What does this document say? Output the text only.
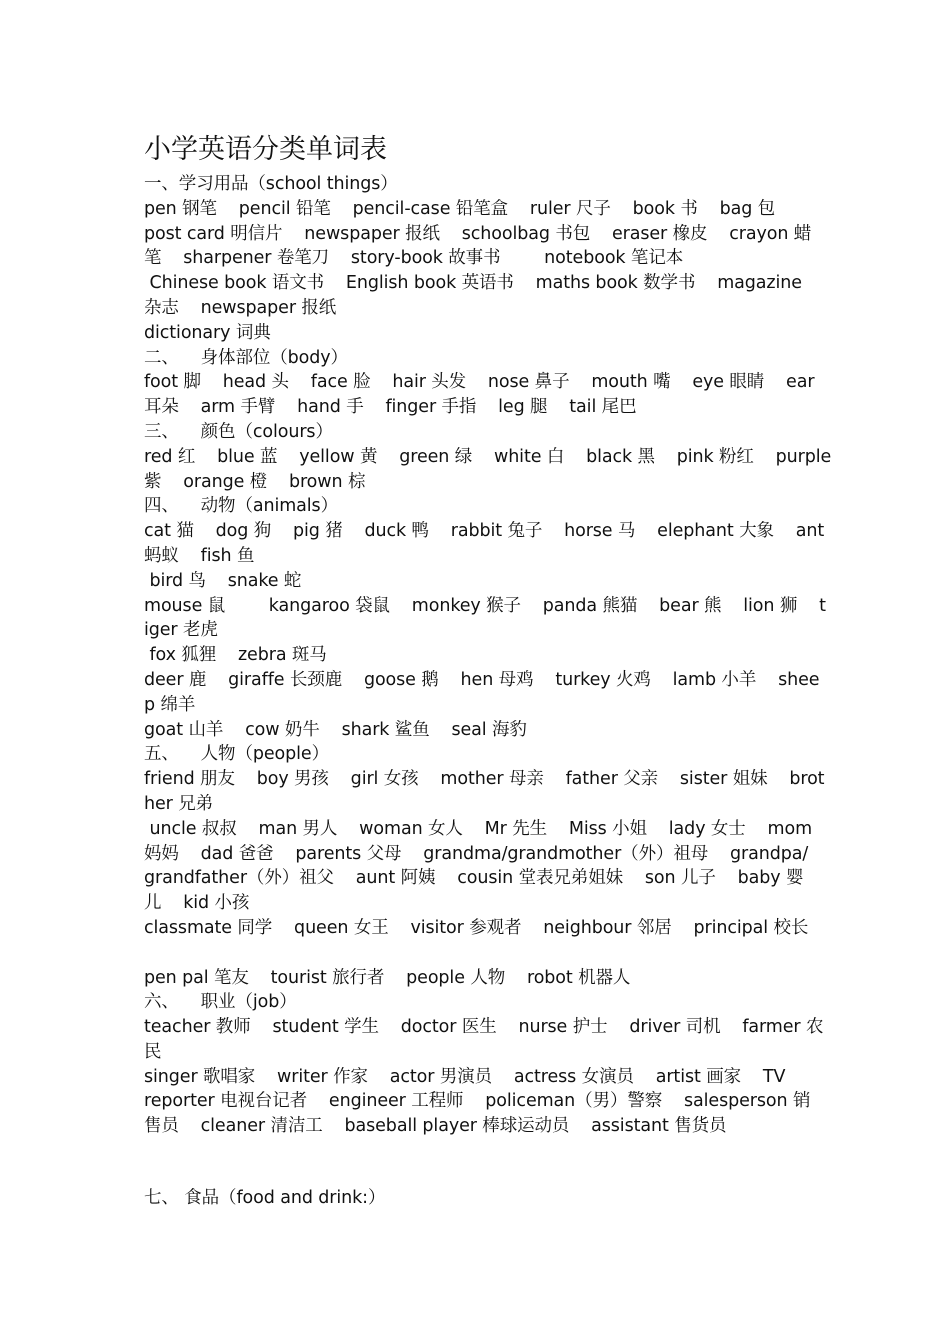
小学英语分类单词表
一、学习用品（school things）
pen 钢笔    pencil 铅笔    pencil-case 铅笔盒    ruler 尺子    book 书    bag 包
post card 明信片    newspaper 报纸    schoolbag 书包    eraser 橡皮    crayon 蜡
笔    sharpener 卷笔刀    story-book 故事书        notebook 笔记本
Chinese book 语文书    English book 英语书    maths book 数学书    magazine
杂志    newspaper 报纸
dictionary 词典
二、    身体部位（body）
foot 脚    head 头    face 脸    hair 头发    nose 鼻子    mouth 嘴    eye 眼睛    ear
耳朵    arm 手臂    hand 手    finger 手指    leg 腿    tail 尾巴
三、    颜色（colours）
red 红    blue 蓝    yellow 黄    green 绿    white 白    black 黑    pink 粉红    purple
紫    orange 橙    brown 棕
四、    动物（animals）
cat 猫    dog 狗    pig 猪    duck 鸭    rabbit 兔子    horse 马    elephant 大象    ant
蚂蚁    fish 鱼
bird 鸟    snake 蛇
mouse 鼠        kangaroo 袋鼠    monkey 猴子    panda 熊猫    bear 熊    lion 狮    t
iger 老虎
fox 狐狸    zebra 斑马
deer 鹿    giraffe 长颈鹿    goose 鹅    hen 母鸡    turkey 火鸡    lamb 小羊    shee
p 绵羊
goat 山羊    cow 奶牛    shark 鲨鱼    seal 海豹
五、    人物（people）
friend 朋友    boy 男孩    girl 女孩    mother 母亲    father 父亲    sister 姐妹    brot
her 兄弟
uncle 叔叔    man 男人    woman 女人    Mr 先生    Miss 小姐    lady 女士    mom
妈妈    dad 爸爸    parents 父母    grandma/grandmother（外）祖母    grandpa/
grandfather（外）祖父    aunt 阿姨    cousin 堂表兄弟姐妹    son 儿子    baby 婴
儿    kid 小孩
classmate 同学    queen 女王    visitor 参观者    neighbour 邻居    principal 校长
pen pal 笔友    tourist 旅行者    people 人物    robot 机器人
六、    职业（job）
teacher 教师    student 学生    doctor 医生    nurse 护士    driver 司机    farmer 农
民
singer 歌唱家    writer 作家    actor 男演员    actress 女演员    artist 画家    TV
reporter 电视台记者    engineer 工程师    policeman（男）警察    salesperson 销
售员    cleaner 清洁工    baseball player 棒球运动员    assistant 售货员
七、 食品（food and drink:）
